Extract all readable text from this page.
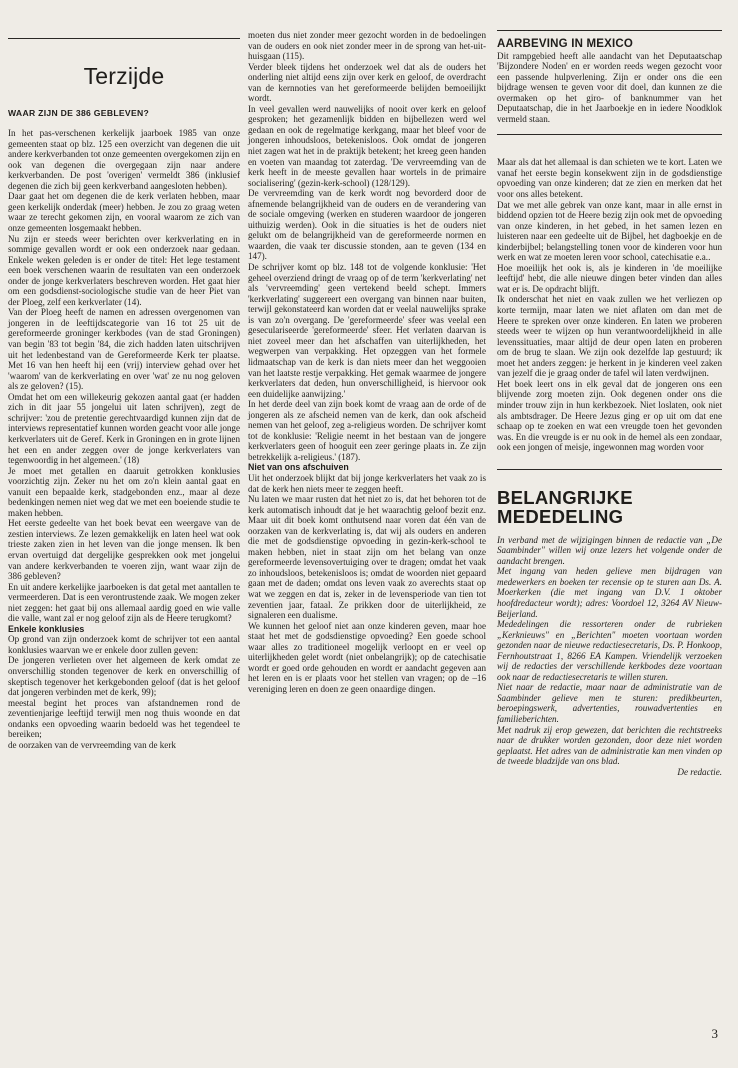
Terzijde
WAAR ZIJN DE 386 GEBLEVEN?

In het pas-verschenen kerkelijk jaarboek 1985 van onze gemeenten staat op blz. 125 een overzicht van degenen die uit andere kerkverbanden tot onze gemeenten overgekomen zijn en ook van degenen die overgegaan zijn naar andere kerkverbanden. De post 'overigen' vermeldt 386 (inklusief degenen die zich bij geen kerkverband aangesloten hebben).

Daar gaat het om degenen die de kerk verlaten hebben, maar geen kerkelijk onderdak (meer) hebben. Je zou zo graag weten waar ze terecht gekomen zijn, en vooral waarom ze zich van onze gemeenten losgemaakt hebben.

Nu zijn er steeds weer berichten over kerkverlating en in sommige gevallen wordt er ook een onderzoek naar gedaan. Enkele weken geleden is er onder de titel: Het lege testament een boek verschenen waarin de resultaten van een onderzoek onder de jonge kerkverlaters beschreven worden. Het gaat hier om een godsdienst-sociologische studie van de heer Piet van der Ploeg, zelf een kerkverlater (14).

Van der Ploeg heeft de namen en adressen overgenomen van jongeren in de leeftijdscategorie van 16 tot 25 uit de gereformeerde groninger kerkbodes (van de stad Groningen) van begin '83 tot begin '84, die zich hadden laten uitschrijven uit het ledenbestand van de Gereformeerde Kerk ter plaatse. Met 16 van hen heeft hij een (vrij) interview gehad over het 'waarom' van de kerkverlating en over 'wat' ze nu nog geloven als ze geloven? (15).

Omdat het om een willekeurig gekozen aantal gaat (er hadden zich in dit jaar 55 jongelui uit laten schrijven), zegt de schrijver: 'zou de pretentie gerechtvaardigd kunnen zijn dat de interviews representatief kunnen worden geacht voor alle jonge kerkverlaters uit de Geref. Kerk in Groningen en in grote lijnen het een en ander zeggen over de jonge kerkverlaters van tegenwoordig in het algemeen.' (18)

Je moet met getallen en daaruit getrokken konklusies voorzichtig zijn. Zeker nu het om zo'n klein aantal gaat en vanuit een bepaalde kerk, stadgebonden enz., maar al deze bedenkingen nemen niet weg dat we met een boeiende studie te maken hebben.

Het eerste gedeelte van het boek bevat een weergave van de zestien interviews. Ze lezen gemakkelijk en laten heel wat ook trieste zaken zien in het leven van die jonge mensen. Ik ben ervan overtuigd dat dergelijke gesprekken ook met jongelui van andere kerkverbanden te voeren zijn, want waar zijn de 386 gebleven?

En uit andere kerkelijke jaarboeken is dat getal met aantallen te vermeerderen. Dat is een verontrustende zaak. We mogen zeker niet zeggen: het gaat bij ons allemaal aardig goed en wie valle die valle, want zal er nog geloof zijn als de Heere terugkomt?

Enkele konklusies

Op grond van zijn onderzoek komt de schrijver tot een aantal konklusies waarvan we er enkele door zullen geven:

De jongeren verlieten over het algemeen de kerk omdat ze onverschillig stonden tegenover de kerk en onverschillig of skeptisch tegenover het kerkgebonden geloof (dat is het geloof dat jongeren verbinden met de kerk, 99);

meestal begint het proces van afstandnemen rond de zeventienjarige leeftijd terwijl men nog thuis woonde en dat ondanks een opvoeding waarin bedoeld was het tegendeel te bereiken;

de oorzaken van de vervreemding van de kerk

moeten dus niet zonder meer gezocht worden in de bedoelingen van de ouders en ook niet zonder meer in de sprong van het-uit-huisgaan (115).

Verder bleek tijdens het onderzoek wel dat als de ouders het onderling niet altijd eens zijn over kerk en geloof, de overdracht van de kernnoties van het gereformeerde belijden bemoeilijkt wordt.

In veel gevallen werd nauwelijks of nooit over kerk en geloof gesproken; het gezamenlijk bidden en bijbellezen werd wel gedaan en ook de regelmatige kerkgang, maar het bleef voor de jongeren inhoudsloos, betekenisloos. Ook omdat de jongeren niet zagen wat het in de praktijk betekent; het kreeg geen handen en voeten van maandag tot zaterdag. 'De vervreemding van de kerk heeft in de meeste gevallen haar wortels in de primaire socialisering' (gezin-kerk-school) (128/129).

De vervreemding van de kerk wordt nog bevorderd door de afnemende belangrijkheid van de ouders en de verandering van de sociale omgeving (werken en studeren waardoor de jongeren uithuizig werden). Ook in die situaties is het de ouders niet gelukt om de belangrijkheid van de gereformeerde normen en waarden, die vaak ter discussie stonden, aan te geven (134 en 147).

De schrijver komt op blz. 148 tot de volgende konklusie: 'Het geheel overziend dringt de vraag op of de term 'kerkverlating' net als 'vervreemding' geen vertekend beeld schept. Immers 'kerkverlating' suggereert een overgang van binnen naar buiten, terwijl gekonstateerd kan worden dat er veelal nauwelijks sprake is van zo'n overgang. De 'gereformeerde' sfeer was veelal een geseculariseerde 'gereformeerde' sfeer. Het verlaten daarvan is niet zoveel meer dan het afschaffen van uiterlijkheden, het wegwerpen van verpakking. Het opzeggen van het formele lidmaatschap van de kerk is dan niets meer dan het weggooien van het laatste restje verpakking. Het gemak waarmee de jongere kerkverlaters dat deden, hun onverschilligheid, is hiervoor ook een duidelijke aanwijzing.'

In het derde deel van zijn boek komt de vraag aan de orde of de jongeren als ze afscheid nemen van de kerk, dan ook afscheid nemen van het geloof, zeg a-religieus worden. De schrijver komt tot de konklusie: 'Religie neemt in het bestaan van de jongere kerkverlaters geen of hooguit een zeer geringe plaats in. Ze zijn betrekkelijk a-religieus.' (187).

Niet van ons afschuiven

Uit het onderzoek blijkt dat bij jonge kerkverlaters het vaak zo is dat de kerk hen niets meer te zeggen heeft.

Nu laten we maar rusten dat het niet zo is, dat het behoren tot de kerk automatisch inhoudt dat je het waarachtig geloof bezit enz. Maar uit dit boek komt onthutsend naar voren dat één van de oorzaken van de kerkverlating is, dat wij als ouders en anderen die met de godsdienstige opvoeding in gezin-kerk-school te maken hebben, niet in staat zijn om het belang van onze gereformeerde levensovertuiging over te dragen; omdat het vaak zo inhoudsloos, betekenisloos is; omdat de woorden niet gepaard gaan met de daden; omdat ons leven vaak zo averechts staat op wat we zeggen en dat is, zeker in de levensperiode van tien tot zeventien jaar, fataal. Ze prikken door de uiterlijkheid, ze signaleren een dualisme.

We kunnen het geloof niet aan onze kinderen geven, maar hoe staat het met de godsdienstige opvoeding? Een goede school waar alles zo traditioneel mogelijk verloopt en er veel op uiterlijkheden gelet wordt (niet onbelangrijk); op de catechisatie wordt er goed orde gehouden en wordt er aandacht gegeven aan het leren en is er plaats voor het stellen van vragen; op de –16 vereniging leren en doen ze geen onaardige dingen.

AARBEVING IN MEXICO

Dit rampgebied heeft alle aandacht van het Deputaatschap 'Bijzondere Noden' en er worden reeds wegen gezocht voor een passende hulpverlening. Zijn er onder ons die een bijdrage wensen te geven voor dit doel, dan kunnen ze die overmaken op het giro- of banknummer van het Deputaatschap, die in het Jaarboekje en in iedere Noodklok vermeld staan.

Maar als dat het allemaal is dan schieten we te kort. Laten we vanaf het eerste begin konsekwent zijn in de godsdienstige opvoeding van onze kinderen; dat ze zien en merken dat het voor ons alles betekent.

Dat we met alle gebrek van onze kant, maar in alle ernst in biddend opzien tot de Heere bezig zijn ook met de opvoeding van onze kinderen, in het gebed, in het samen lezen en luisteren naar een gedeelte uit de Bijbel, het dagboekje en de kinderbijbel; belangstelling tonen voor de kinderen voor hun werk en wat ze moeten leren voor school, catechisatie e.a..

Hoe moeilijk het ook is, als je kinderen in 'de moeilijke leeftijd' hebt, die alle nieuwe dingen beter vinden dan alles wat er is. De opdracht blijft.

Ik onderschat het niet en vaak zullen we het verliezen op korte termijn, maar laten we niet aflaten om dan met de Heere te spreken over onze kinderen. En laten we proberen steeds weer te wijzen op hun verantwoordelijkheid in alle levenssituaties, maar altijd de deur open laten en proberen om de brug te slaan. We zijn ook dezelfde lap gestuurd; ik moet het anders zeggen: je herkent in je kinderen veel zaken van jezelf die je graag onder de tafel wil laten verdwijnen.

Het boek leert ons in elk geval dat de jongeren ons een blijvende zorg moeten zijn. Ook degenen onder ons die minder trouw zijn in hun kerkbezoek. Niet loslaten, ook niet als ambtsdrager. De Heere Jezus ging er op uit om dat ene schaap op te zoeken en wat een vreugde toen het gevonden was. En die vreugde is er nu ook in de hemel als een zondaar, ook een jongen of meisje, ingewonnen mag worden voor

BELANGRIJKE
MEDEDELING

In verband met de wijzigingen binnen de redactie van „De Saambinder" willen wij onze lezers het volgende onder de aandacht brengen.

Met ingang van heden gelieve men bijdragen van medewerkers en boeken ter recensie op te sturen aan Ds. A. Moerkerken (die met ingang van D.V. 1 oktober hoofdredacteur wordt); adres: Voordoel 12, 3264 AV Nieuw-Beijerland.

Mededelingen die ressorteren onder de rubrieken „Kerknieuws" en „Berichten" moeten voortaan worden gezonden naar de nieuwe redactiesecretaris, Ds. P. Honkoop, Fernhoutstraat 1, 8266 EA Kampen. Vriendelijk verzoeken wij de redacties der verschillende kerkbodes deze voortaan ook naar de redactiesecretaris te willen sturen.

Niet naar de redactie, maar naar de administratie van de Saambinder gelieve men te sturen: predikbeurten, beroepingswerk, advertenties, rouwadvertenties en familieberichten.

Met nadruk zij erop gewezen, dat berichten die rechtstreeks naar de drukker worden gezonden, door deze niet worden geplaatst. Het adres van de administratie kan men vinden op de tweede bladzijde van ons blad.

De redactie.

3
